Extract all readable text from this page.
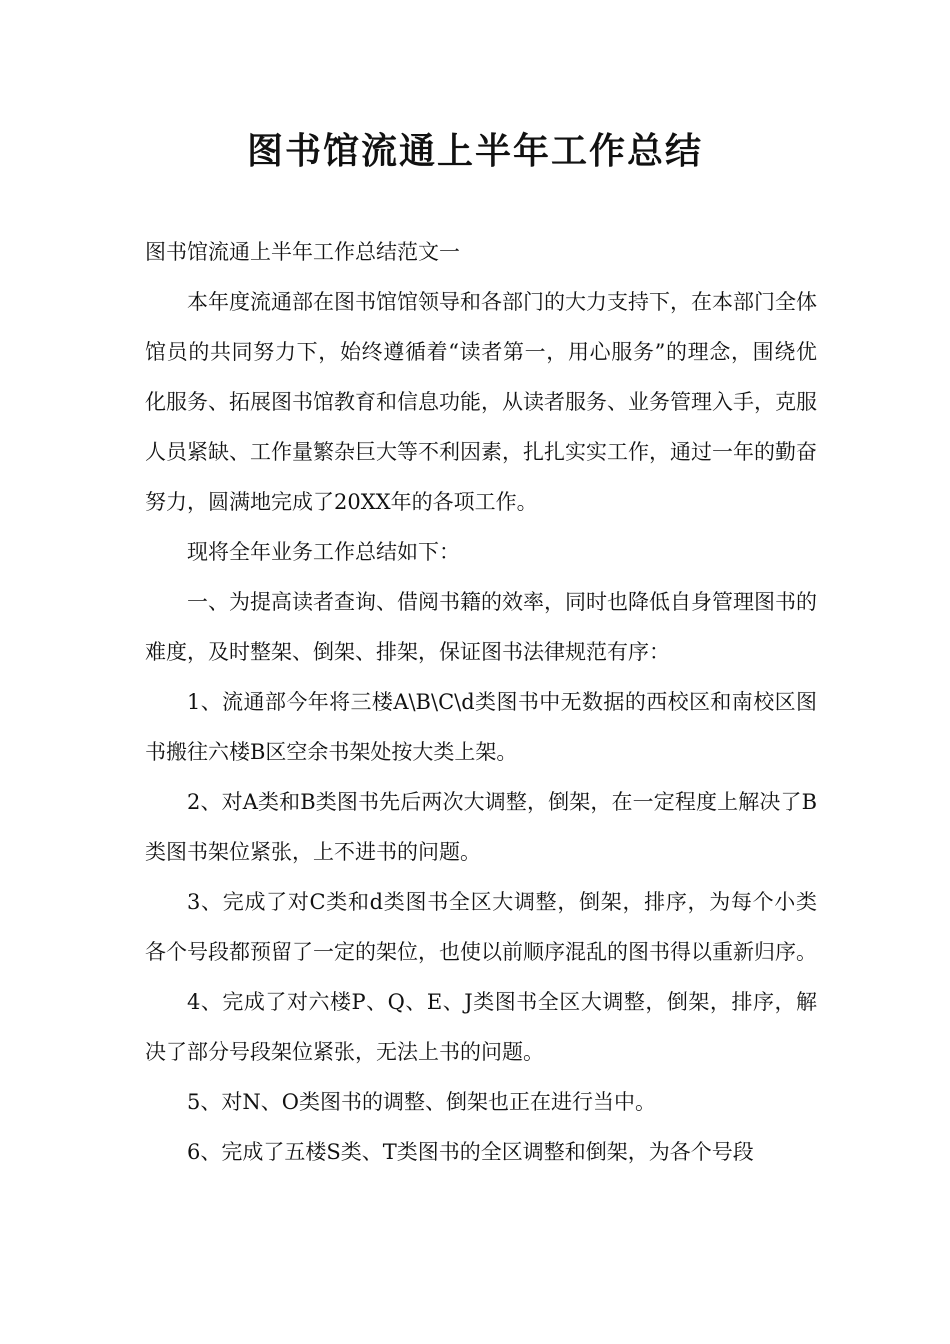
图书馆流通上半年工作总结

图书馆流通上半年工作总结范文一

本年度流通部在图书馆馆领导和各部门的大力支持下，在本部门全体馆员的共同努力下，始终遵循着“读者第一，用心服务”的理念，围绕优化服务、拓展图书馆教育和信息功能，从读者服务、业务管理入手，克服人员紧缺、工作量繁杂巨大等不利因素，扎扎实实工作，通过一年的勤奋努力，圆满地完成了20XX年的各项工作。

现将全年业务工作总结如下：

一、为提高读者查询、借阅书籍的效率，同时也降低自身管理图书的难度，及时整架、倒架、排架，保证图书法律规范有序：

1、流通部今年将三楼A\B\C\d类图书中无数据的西校区和南校区图书搬往六楼B区空余书架处按大类上架。

2、对A类和B类图书先后两次大调整，倒架，在一定程度上解决了B类图书架位紧张，上不进书的问题。

3、完成了对C类和d类图书全区大调整，倒架，排序，为每个小类各个号段都预留了一定的架位，也使以前顺序混乱的图书得以重新归序。

4、完成了对六楼P、Q、E、J类图书全区大调整，倒架，排序，解决了部分号段架位紧张，无法上书的问题。

5、对N、O类图书的调整、倒架也正在进行当中。

6、完成了五楼S类、T类图书的全区调整和倒架，为各个号段
